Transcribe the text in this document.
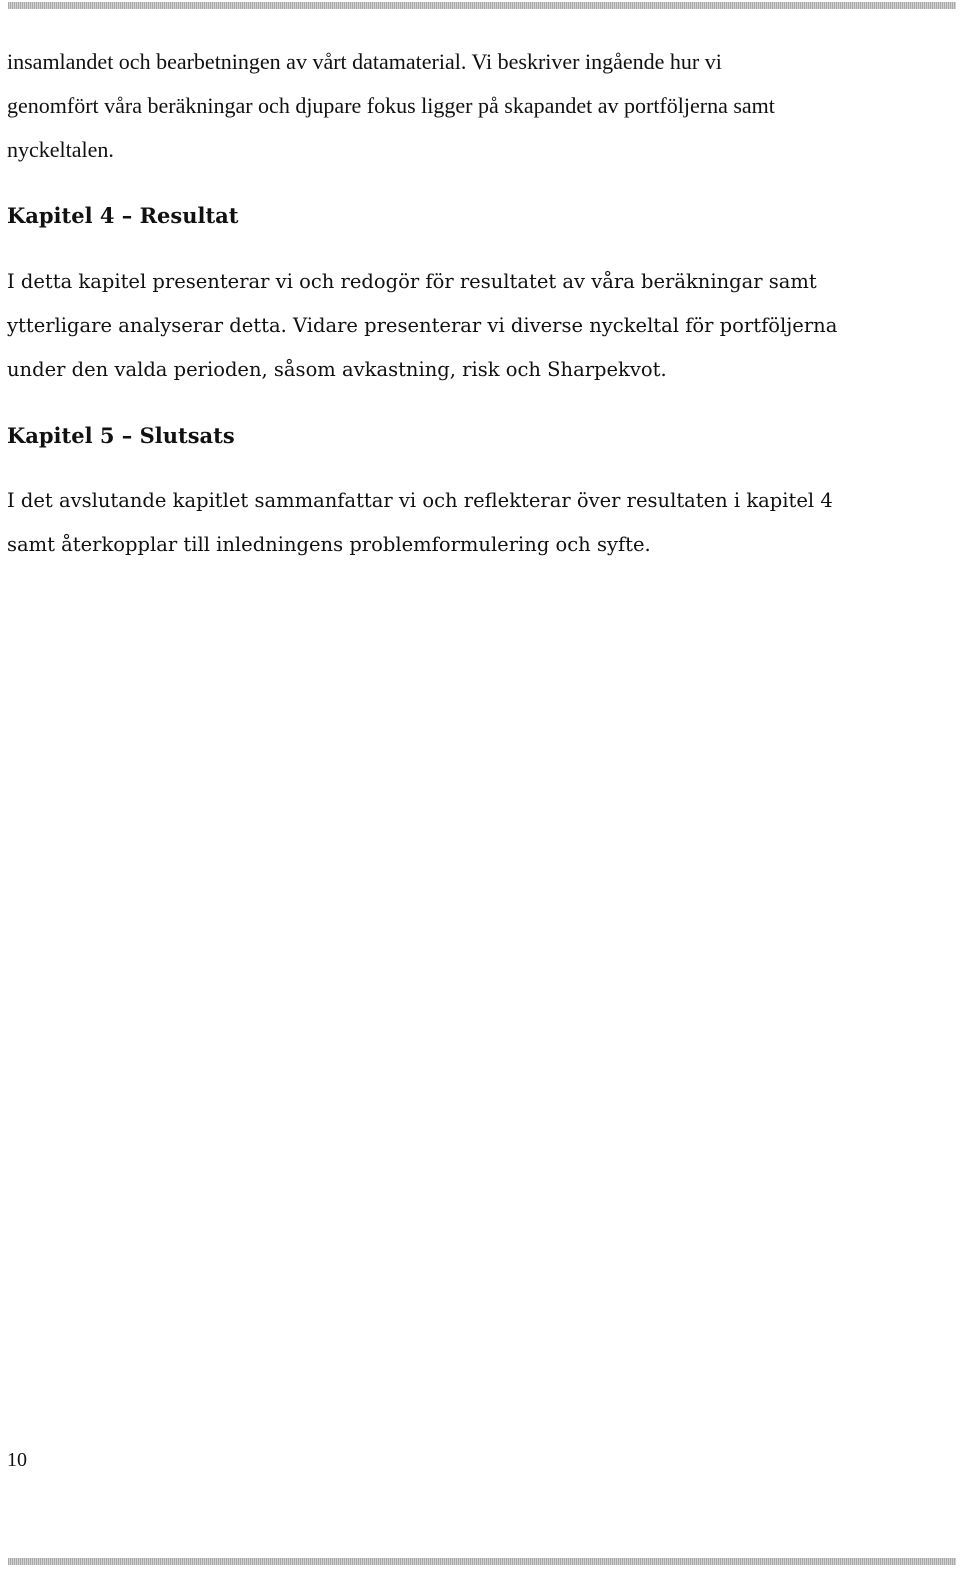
insamlandet och bearbetningen av vårt datamaterial. Vi beskriver ingående hur vi
genomfört våra beräkningar och djupare fokus ligger på skapandet av portföljerna samt
nyckeltalen.

Kapitel 4 – Resultat

I detta kapitel presenterar vi och redogör för resultatet av våra beräkningar samt
ytterligare analyserar detta. Vidare presenterar vi diverse nyckeltal för portföljerna
under den valda perioden, såsom avkastning, risk och Sharpekvot.

Kapitel 5 – Slutsats

I det avslutande kapitlet sammanfattar vi och reflekterar över resultaten i kapitel 4
samt återkopplar till inledningens problemformulering och syfte.

10
